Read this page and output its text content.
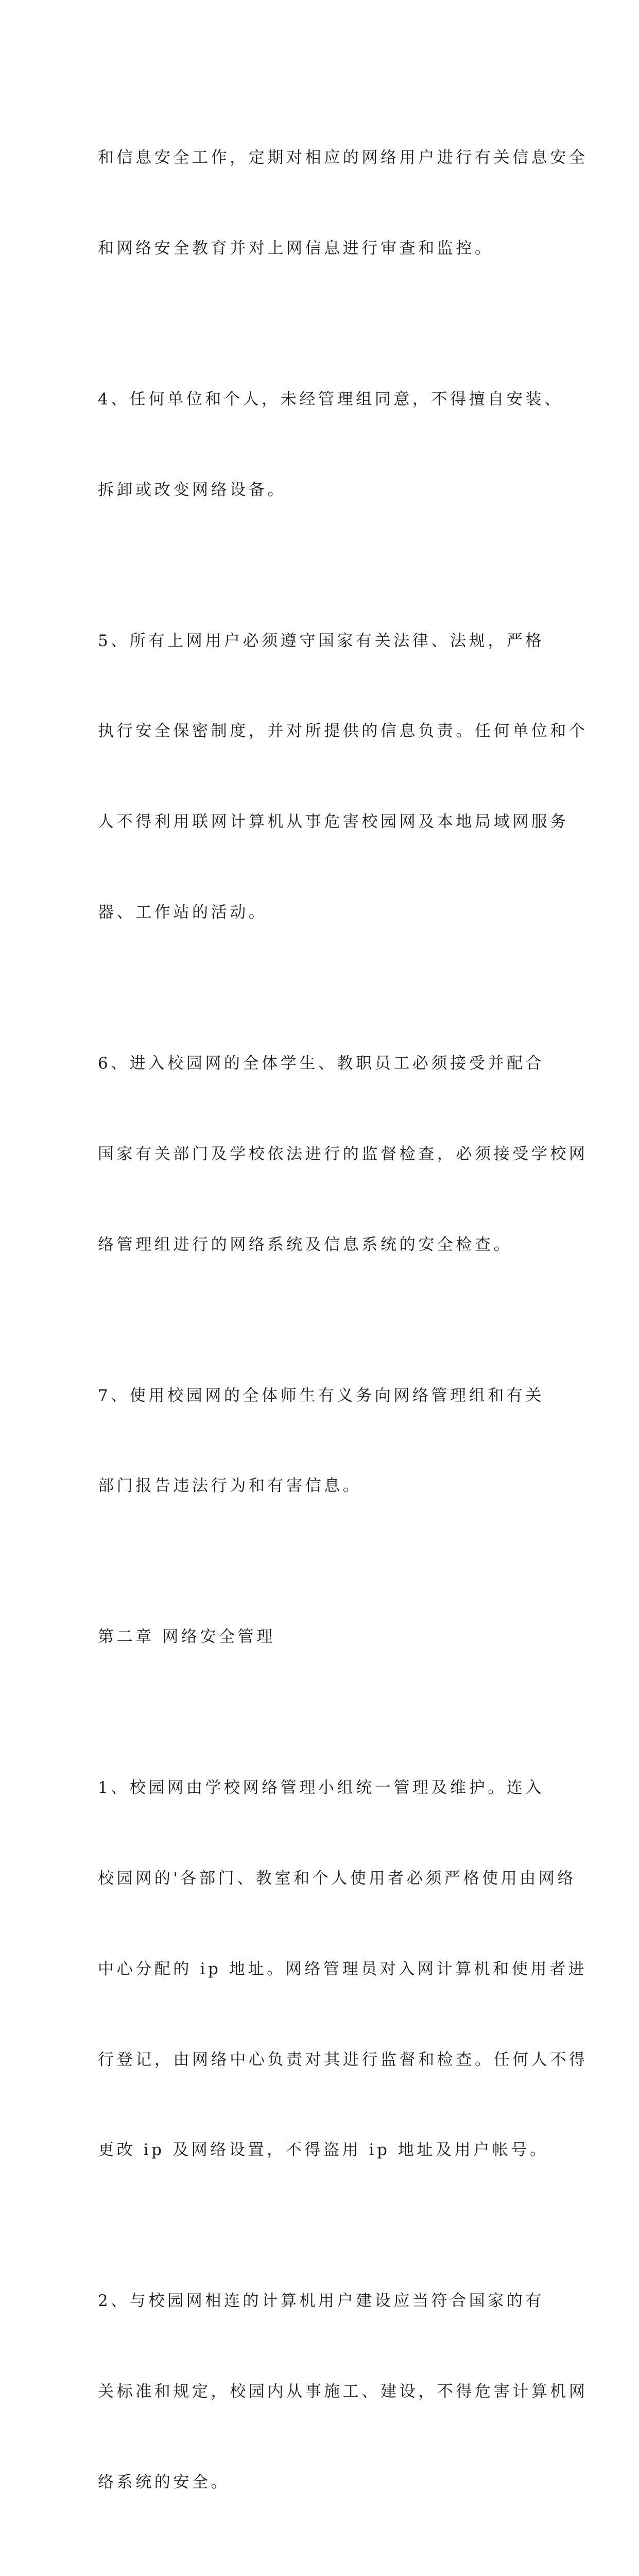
和信息安全工作，定期对相应的网络用户进行有关信息安全

和网络安全教育并对上网信息进行审查和监控。

4、任何单位和个人，未经管理组同意，不得擅自安装、

拆卸或改变网络设备。

5、所有上网用户必须遵守国家有关法律、法规，严格

执行安全保密制度，并对所提供的信息负责。任何单位和个

人不得利用联网计算机从事危害校园网及本地局域网服务

器、工作站的活动。

6、进入校园网的全体学生、教职员工必须接受并配合

国家有关部门及学校依法进行的监督检查，必须接受学校网

络管理组进行的网络系统及信息系统的安全检查。

7、使用校园网的全体师生有义务向网络管理组和有关

部门报告违法行为和有害信息。

第二章 网络安全管理

1、校园网由学校网络管理小组统一管理及维护。连入

校园网的'各部门、教室和个人使用者必须严格使用由网络

中心分配的 ip 地址。网络管理员对入网计算机和使用者进

行登记，由网络中心负责对其进行监督和检查。任何人不得

更改 ip 及网络设置，不得盗用 ip 地址及用户帐号。

2、与校园网相连的计算机用户建设应当符合国家的有

关标准和规定，校园内从事施工、建设，不得危害计算机网

络系统的安全。
